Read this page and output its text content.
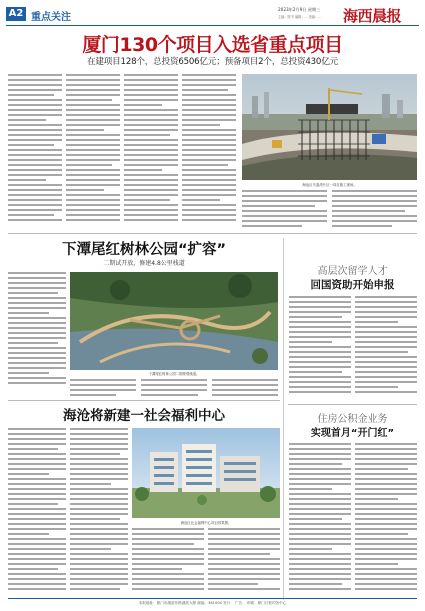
A2 重点关注
2023年2月9日 星期三
主编：陈书 编辑：... 美编：...	海西晨报
厦门130个项目入选省重点项目
在建项目128个，总投资6506亿元；预备项目2个，总投资430亿元
海沧区马銮湾片区一项目施工现场。
下潭尾红树林公园“扩容”
二期试开放，修建4.8公里栈道
下潭尾红树林公园二期景观栈道。
高层次留学人才
回国资助开始申报
海沧将新建一社会福利中心
海沧区社会福利中心项目效果图。
住房公积金业务
实现首月“开门红”
本报地址：厦门市湖滨东路湖滨大厦 邮编：361004 发行： 广告： 印刷：厦门日报印务中心
